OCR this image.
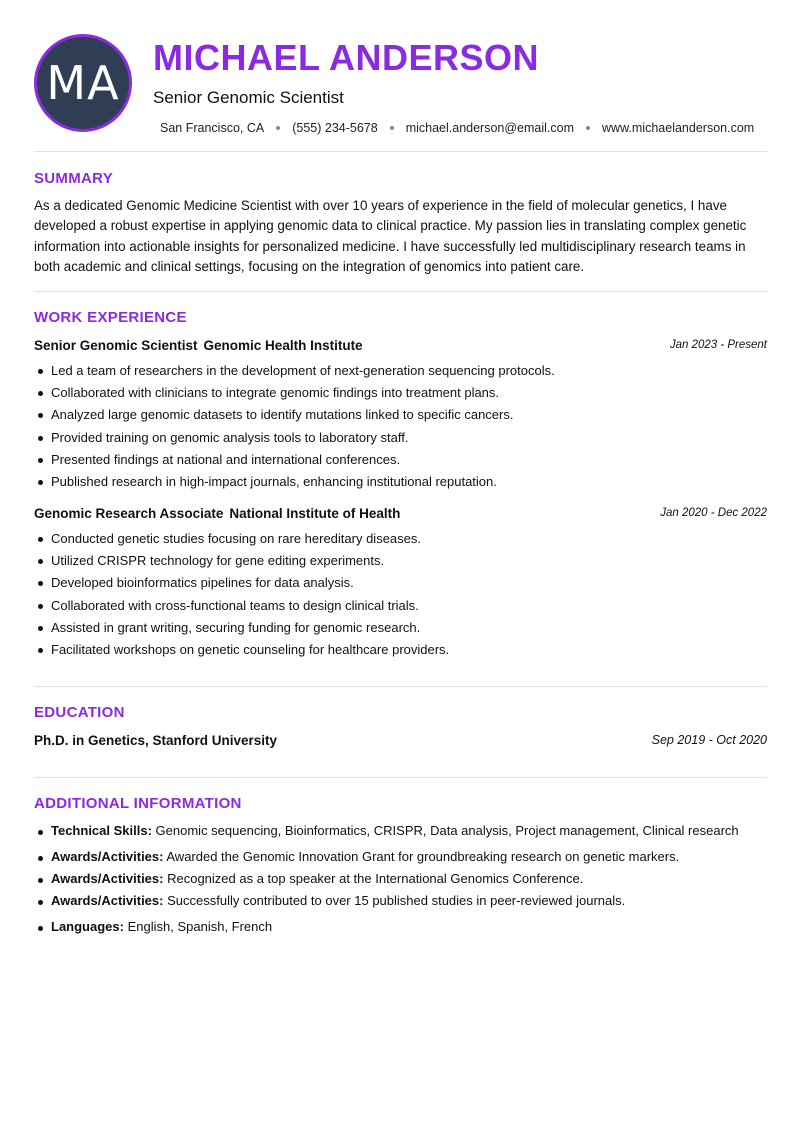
MA MICHAEL ANDERSON
Senior Genomic Scientist
San Francisco, CA (555) 234-5678 michael.anderson@email.com www.michaelanderson.com
SUMMARY
As a dedicated Genomic Medicine Scientist with over 10 years of experience in the field of molecular genetics, I have developed a robust expertise in applying genomic data to clinical practice. My passion lies in translating complex genetic information into actionable insights for personalized medicine. I have successfully led multidisciplinary research teams in both academic and clinical settings, focusing on the integration of genomics into patient care.
WORK EXPERIENCE
Senior Genomic Scientist Genomic Health Institute	Jan 2023 - Present
Led a team of researchers in the development of next-generation sequencing protocols.
Collaborated with clinicians to integrate genomic findings into treatment plans.
Analyzed large genomic datasets to identify mutations linked to specific cancers.
Provided training on genomic analysis tools to laboratory staff.
Presented findings at national and international conferences.
Published research in high-impact journals, enhancing institutional reputation.
Genomic Research Associate National Institute of Health	Jan 2020 - Dec 2022
Conducted genetic studies focusing on rare hereditary diseases.
Utilized CRISPR technology for gene editing experiments.
Developed bioinformatics pipelines for data analysis.
Collaborated with cross-functional teams to design clinical trials.
Assisted in grant writing, securing funding for genomic research.
Facilitated workshops on genetic counseling for healthcare providers.
EDUCATION
Ph.D. in Genetics, Stanford University	Sep 2019 - Oct 2020
ADDITIONAL INFORMATION
Technical Skills: Genomic sequencing, Bioinformatics, CRISPR, Data analysis, Project management, Clinical research
Awards/Activities: Awarded the Genomic Innovation Grant for groundbreaking research on genetic markers.
Awards/Activities: Recognized as a top speaker at the International Genomics Conference.
Awards/Activities: Successfully contributed to over 15 published studies in peer-reviewed journals.
Languages: English, Spanish, French
